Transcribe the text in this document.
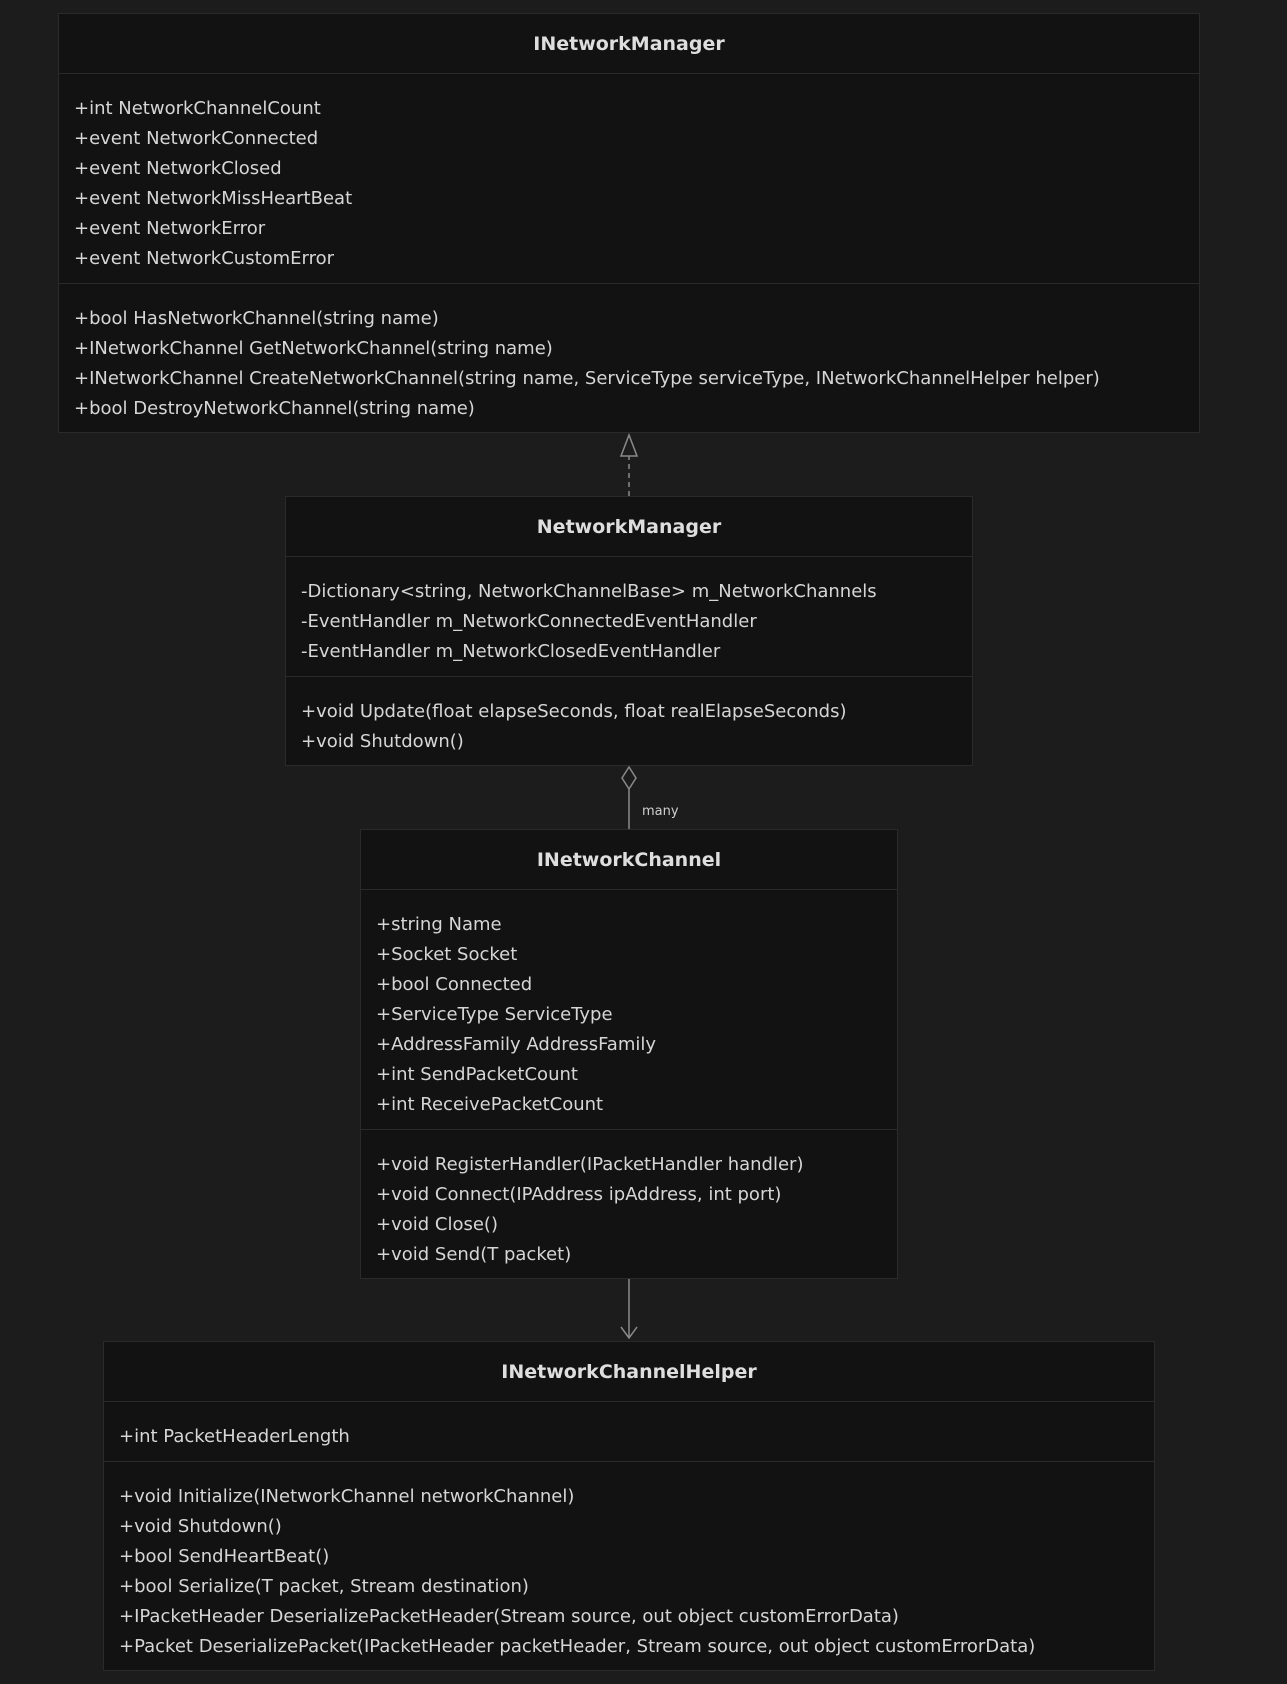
many
INetworkManager
+int NetworkChannelCount
+event NetworkConnected
+event NetworkClosed
+event NetworkMissHeartBeat
+event NetworkError
+event NetworkCustomError
+bool HasNetworkChannel(string name)
+INetworkChannel GetNetworkChannel(string name)
+INetworkChannel CreateNetworkChannel(string name, ServiceType serviceType, INetworkChannelHelper helper)
+bool DestroyNetworkChannel(string name)
NetworkManager
-Dictionary<string, NetworkChannelBase> m_NetworkChannels
-EventHandler m_NetworkConnectedEventHandler
-EventHandler m_NetworkClosedEventHandler
+void Update(float elapseSeconds, float realElapseSeconds)
+void Shutdown()
INetworkChannel
+string Name
+Socket Socket
+bool Connected
+ServiceType ServiceType
+AddressFamily AddressFamily
+int SendPacketCount
+int ReceivePacketCount
+void RegisterHandler(IPacketHandler handler)
+void Connect(IPAddress ipAddress, int port)
+void Close()
+void Send(T packet)
INetworkChannelHelper
+int PacketHeaderLength
+void Initialize(INetworkChannel networkChannel)
+void Shutdown()
+bool SendHeartBeat()
+bool Serialize(T packet, Stream destination)
+IPacketHeader DeserializePacketHeader(Stream source, out object customErrorData)
+Packet DeserializePacket(IPacketHeader packetHeader, Stream source, out object customErrorData)
